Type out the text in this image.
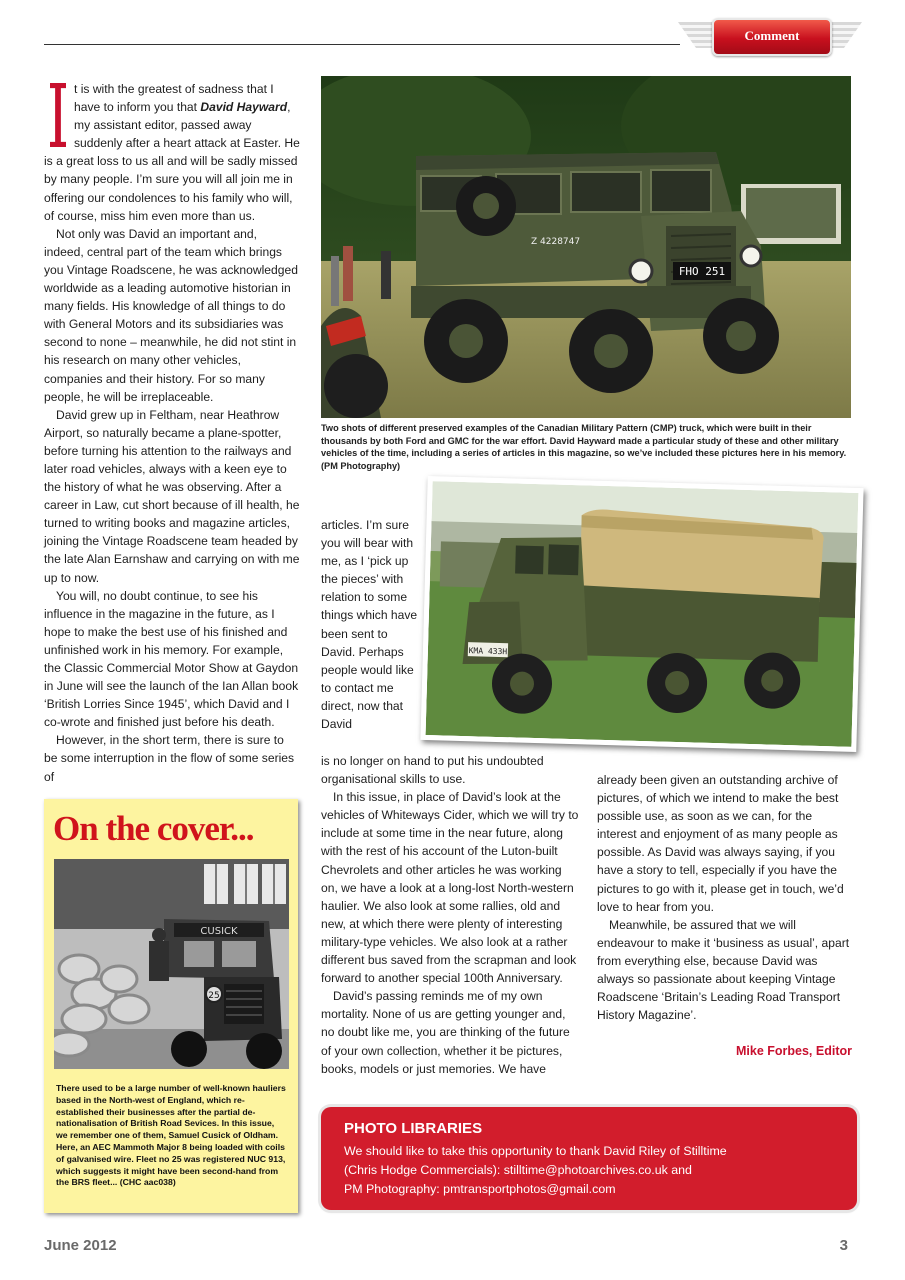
Comment

t is with the greatest of sadness that I have to inform you that David Hayward, my assistant editor, passed away suddenly after a heart attack at Easter. He is a great loss to us all and will be sadly missed by many people. I’m sure you will all join me in offering our condolences to his family who will, of course, miss him even more than us.

Not only was David an important and, indeed, central part of the team which brings you Vintage Roadscene, he was acknowledged worldwide as a leading automotive historian in many fields. His knowledge of all things to do with General Motors and its subsidiaries was second to none – meanwhile, he did not stint in his research on many other vehicles, companies and their history. For so many people, he will be irreplaceable.

David grew up in Feltham, near Heathrow Airport, so naturally became a plane-spotter, before turning his attention to the railways and later road vehicles, always with a keen eye to the history of what he was observing. After a career in Law, cut short because of ill health, he turned to writing books and magazine articles, joining the Vintage Roadscene team headed by the late Alan Earnshaw and carrying on with me up to now.

You will, no doubt continue, to see his influence in the magazine in the future, as I hope to make the best use of his finished and unfinished work in his memory. For example, the Classic Commercial Motor Show at Gaydon in June will see the launch of the Ian Allan book ‘British Lorries Since 1945’, which David and I co-wrote and finished just before his death.

However, in the short term, there is sure to be some interruption in the flow of some series of

FHO 251
Z 4228747
Two shots of different preserved examples of the Canadian Military Pattern (CMP) truck, which were built in their thousands by both Ford and GMC for the war effort. David Hayward made a particular study of these and other military vehicles of the time, including a series of articles in this magazine, so we’ve included these pictures here in his memory. (PM Photography)
KMA 433H

articles. I’m sure you will bear with me, as I ‘pick up the pieces’ with relation to some things which have been sent to David. Perhaps people would like to contact me direct, now that David

is no longer on hand to put his undoubted organisational skills to use.

In this issue, in place of David’s look at the vehicles of Whiteways Cider, which we will try to include at some time in the near future, along with the rest of his account of the Luton-built Chevrolets and other articles he was working on, we have a look at a long-lost North-western haulier. We also look at some rallies, old and new, at which there were plenty of interesting military-type vehicles. We also look at a rather different bus saved from the scrapman and look forward to another special 100th Anniversary.

David’s passing reminds me of my own mortality. None of us are getting younger and, no doubt like me, you are thinking of the future of your own collection, whether it be pictures, books, models or just memories. We have

already been given an outstanding archive of pictures, of which we intend to make the best possible use, as soon as we can, for the interest and enjoyment of as many people as possible. As David was always saying, if you have a story to tell, especially if you have the pictures to go with it, please get in touch, we’d love to hear from you.

Meanwhile, be assured that we will endeavour to make it ‘business as usual’, apart from everything else, because David was always so passionate about keeping Vintage Roadscene ‘Britain’s Leading Road Transport History Magazine’.

Mike Forbes, Editor
On the cover...
CUSICK
25
There used to be a large number of well-known hauliers based in the North-west of England, which re-established their businesses after the partial de-nationalisation of British Road Sevices. In this issue, we remember one of them, Samuel Cusick of Oldham. Here, an AEC Mammoth Major 8 being loaded with coils of galvanised wire. Fleet no 25 was registered NUC 913, which suggests it might have been second-hand from the BRS fleet... (CHC aac038)
PHOTO LIBRARIES
We should like to take this opportunity to thank David Riley of Stilltime
(Chris Hodge Commercials): stilltime@photoarchives.co.uk and
PM Photography: pmtransportphotos@gmail.com
June 2012	3
